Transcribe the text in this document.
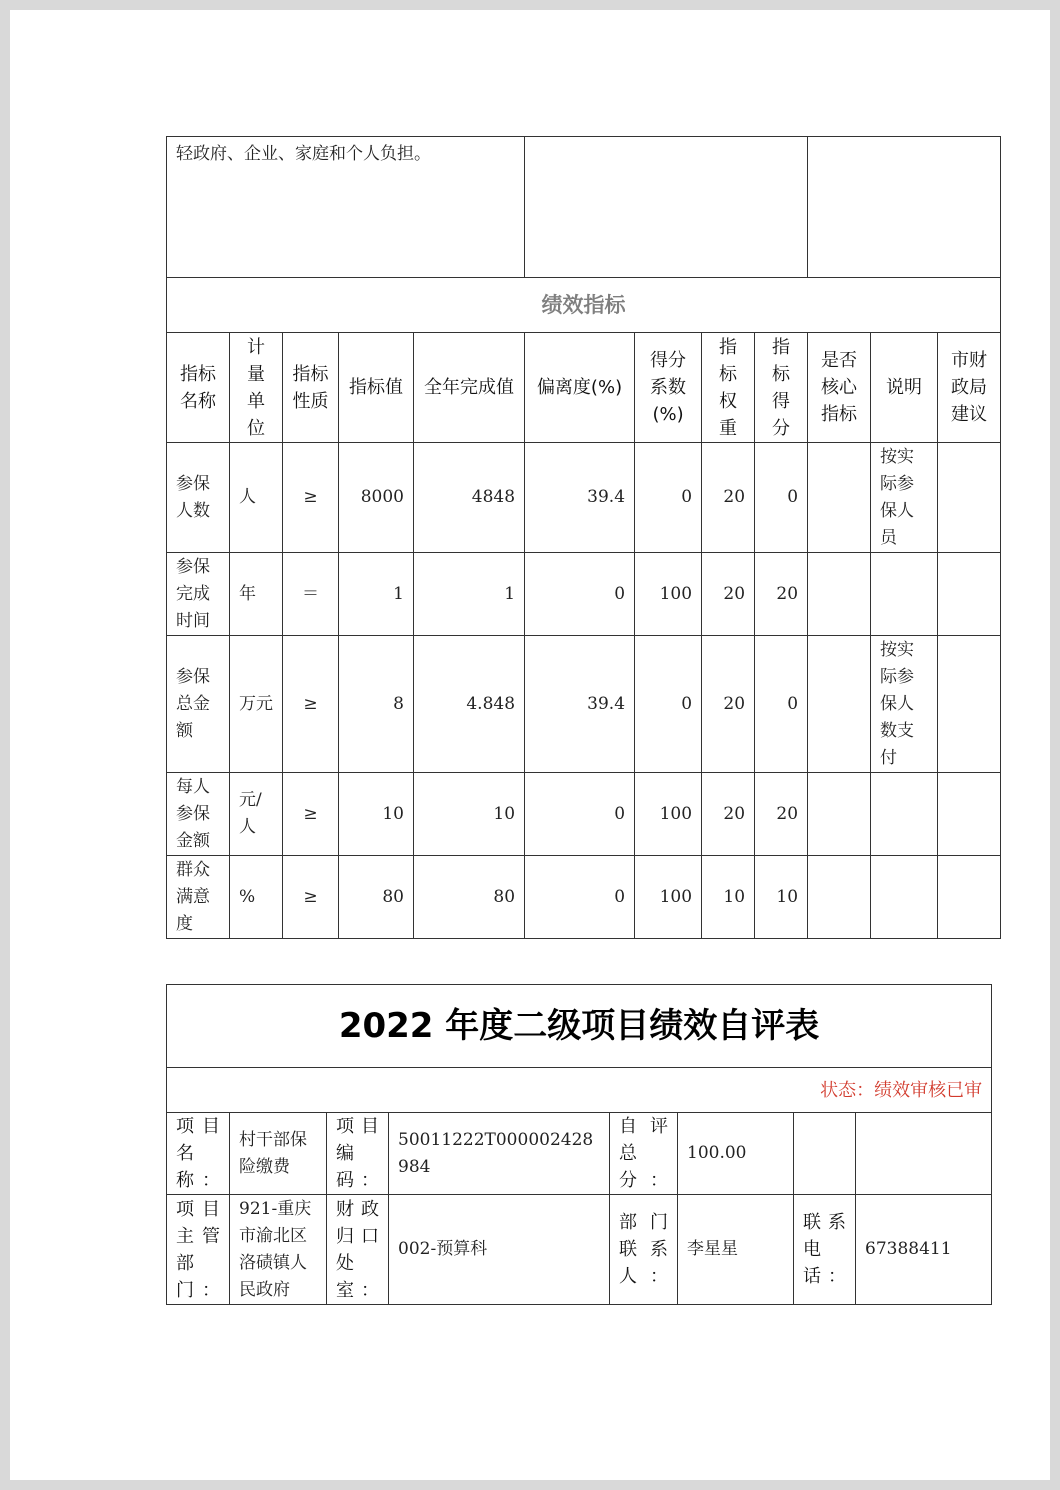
轻政府、企业、家庭和个人负担。											
绩效指标											
指标名称	计量单位	指标性质	指标值	全年完成值	偏离度(%)	得分系数(%)	指标权重	指标得分	是否核心指标	说明	市财政局建议
参保人数	人	≥	8000	4848	39.4	0	20	0		按实际参保人员	
参保完成时间	年	＝	1	1	0	100	20	20			
参保总金额	万元	≥	8	4.848	39.4	0	20	0		按实际参保人数支付	
每人参保金额	元/人	≥	10	10	0	100	20	20			
群众满意度	%	≥	80	80	0	100	10	10			
2022 年度二级项目绩效自评表							
状态：绩效审核已审							
项目名称：	村干部保险缴费	项目编码：	50011222T000002428984	自评总分：	100.00		
项目主管部门：	921-重庆市渝北区洛碛镇人民政府	财政归口处室：	002-预算科	部门联系人：	李星星	联系电话：	67388411
